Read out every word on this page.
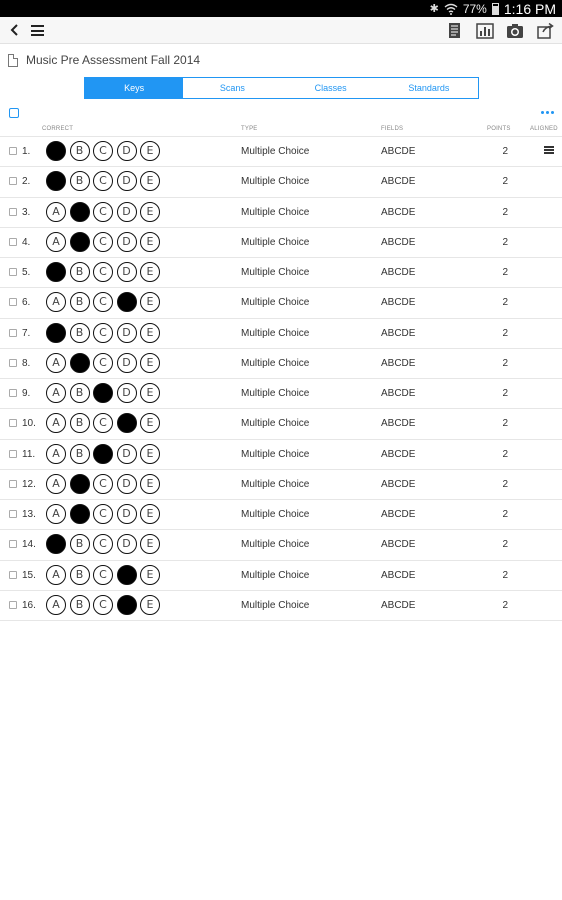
✱ 77% 1:16 PM
Music Pre Assessment Fall 2014
Keys	Scans	Classes	Standards
CORRECT	TYPE	FIELDS	POINTS	ALIGNED
1.	A	B	C	D	E	Multiple Choice	ABCDE	2
2.	A	B	C	D	E	Multiple Choice	ABCDE	2
3.	A	B	C	D	E	Multiple Choice	ABCDE	2
4.	A	B	C	D	E	Multiple Choice	ABCDE	2
5.	A	B	C	D	E	Multiple Choice	ABCDE	2
6.	A	B	C	D	E	Multiple Choice	ABCDE	2
7.	A	B	C	D	E	Multiple Choice	ABCDE	2
8.	A	B	C	D	E	Multiple Choice	ABCDE	2
9.	A	B	C	D	E	Multiple Choice	ABCDE	2
10.	A	B	C	D	E	Multiple Choice	ABCDE	2
11.	A	B	C	D	E	Multiple Choice	ABCDE	2
12.	A	B	C	D	E	Multiple Choice	ABCDE	2
13.	A	B	C	D	E	Multiple Choice	ABCDE	2
14.	A	B	C	D	E	Multiple Choice	ABCDE	2
15.	A	B	C	D	E	Multiple Choice	ABCDE	2
16.	A	B	C	D	E	Multiple Choice	ABCDE	2
